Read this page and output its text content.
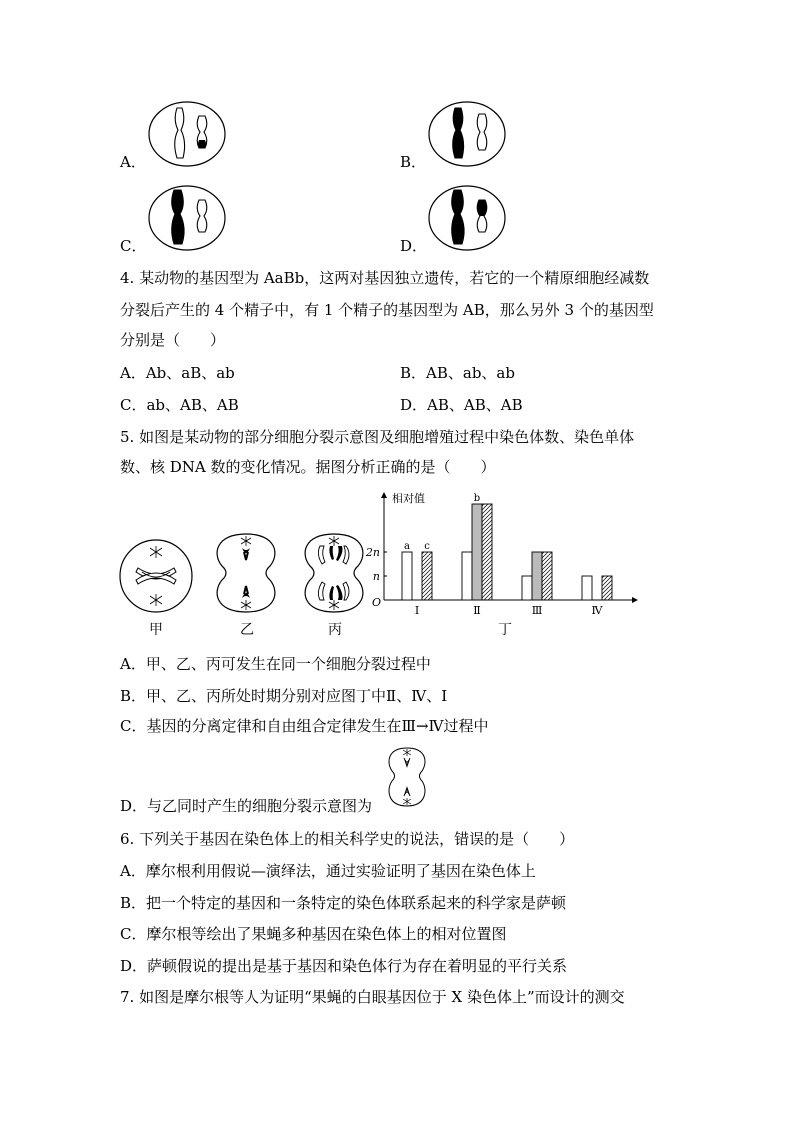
A．	B．
C．	D．
4. 某动物的基因型为 AaBb，这两对基因独立遗传，若它的一个精原细胞经减数
分裂后产生的 4 个精子中，有 1 个精子的基因型为 AB，那么另外 3 个的基因型
分别是（　　）
A．Ab、aB、ab	B．AB、ab、ab
C．ab、AB、AB	D．AB、AB、AB
5. 如图是某动物的部分细胞分裂示意图及细胞增殖过程中染色体数、染色单体
数、核 DNA 数的变化情况。据图分析正确的是（　　）
甲	乙	丙
相对值
O
n
2n
Ⅰ	Ⅱ	Ⅲ	Ⅳ
a c
b
丁
A．甲、乙、丙可发生在同一个细胞分裂过程中
B．甲、乙、丙所处时期分别对应图丁中Ⅱ、Ⅳ、Ⅰ
C．基因的分离定律和自由组合定律发生在Ⅲ→Ⅳ过程中
D．与乙同时产生的细胞分裂示意图为
6. 下列关于基因在染色体上的相关科学史的说法，错误的是（　　）
A．摩尔根利用假说—演绎法，通过实验证明了基因在染色体上
B．把一个特定的基因和一条特定的染色体联系起来的科学家是萨顿
C．摩尔根等绘出了果蝇多种基因在染色体上的相对位置图
D．萨顿假说的提出是基于基因和染色体行为存在着明显的平行关系
7. 如图是摩尔根等人为证明“果蝇的白眼基因位于 X 染色体上”而设计的测交
